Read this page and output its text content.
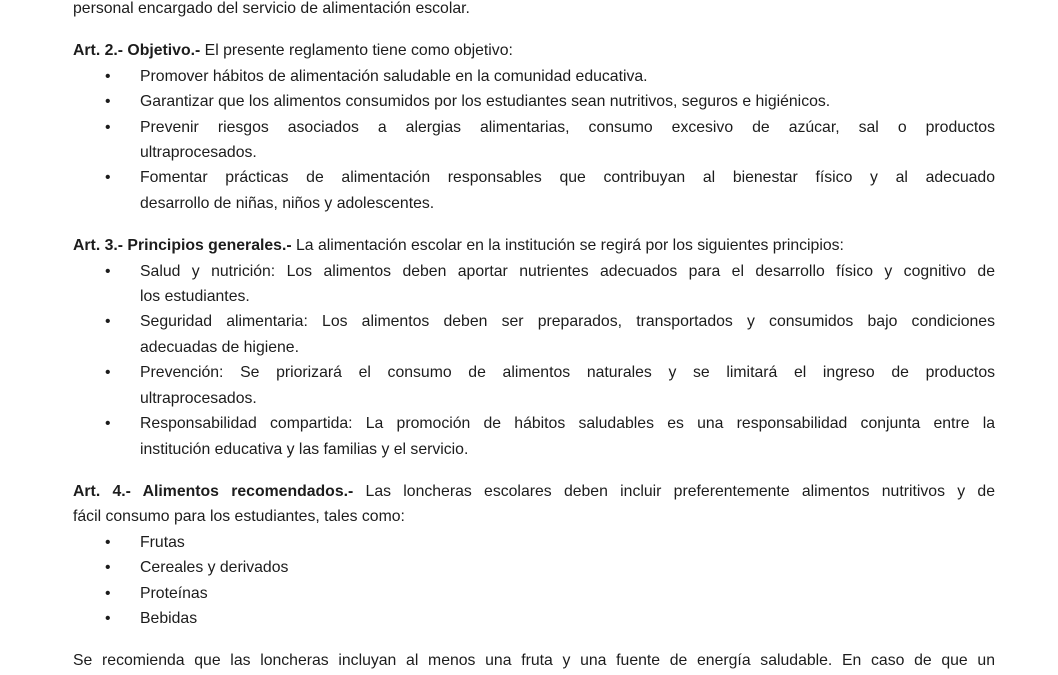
personal encargado del servicio de alimentación escolar.
Art. 2.- Objetivo.- El presente reglamento tiene como objetivo:
• Promover hábitos de alimentación saludable en la comunidad educativa.
• Garantizar que los alimentos consumidos por los estudiantes sean nutritivos, seguros e higiénicos.
• Prevenir riesgos asociados a alergias alimentarias, consumo excesivo de azúcar, sal o productos
ultraprocesados.
• Fomentar prácticas de alimentación responsables que contribuyan al bienestar físico y al adecuado
desarrollo de niñas, niños y adolescentes.
Art. 3.- Principios generales.- La alimentación escolar en la institución se regirá por los siguientes principios:
• Salud y nutrición: Los alimentos deben aportar nutrientes adecuados para el desarrollo físico y cognitivo de
los estudiantes.
• Seguridad alimentaria: Los alimentos deben ser preparados, transportados y consumidos bajo condiciones
adecuadas de higiene.
• Prevención: Se priorizará el consumo de alimentos naturales y se limitará el ingreso de productos
ultraprocesados.
• Responsabilidad compartida: La promoción de hábitos saludables es una responsabilidad conjunta entre la
institución educativa y las familias y el servicio.
Art. 4.- Alimentos recomendados.- Las loncheras escolares deben incluir preferentemente alimentos nutritivos y de
fácil consumo para los estudiantes, tales como:
• Frutas
• Cereales y derivados
• Proteínas
• Bebidas
Se recomienda que las loncheras incluyan al menos una fruta y una fuente de energía saludable. En caso de que un
